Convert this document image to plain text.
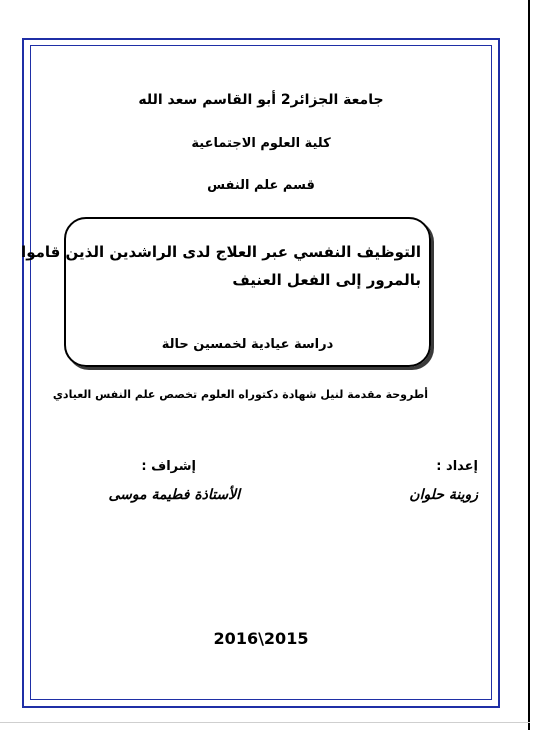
جامعة الجزائر2 أبو القاسم سعد الله
كلية العلوم الاجتماعية
قسم علم النفس
التوظيف النفسي عبر العلاج لدى الراشدين الذين قاموا
بالمرور إلى الفعل العنيف
دراسة عيادية لخمسين حالة
أطروحة مقدمة لنيل شهادة دكتوراه العلوم تخصص علم النفس العيادي
إعداد :
إشراف :
زوينة حلوان
الأستاذة فطيمة موسى
2016\2015
